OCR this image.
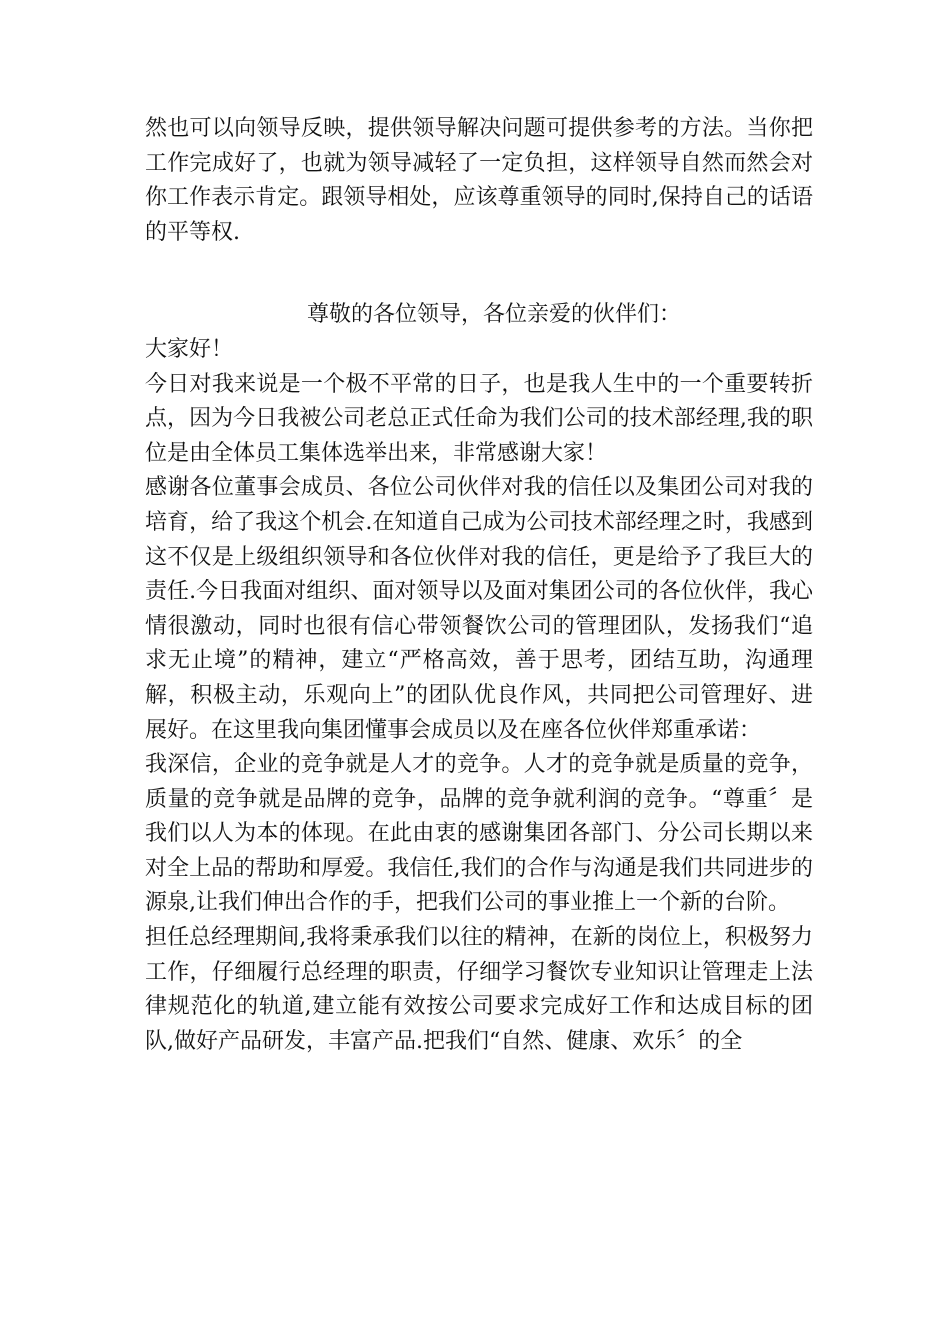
然也可以向领导反映，提供领导解决问题可提供参考的方法。当你把工作完成好了，也就为领导减轻了一定负担，这样领导自然而然会对你工作表示肯定。跟领导相处，应该尊重领导的同时,保持自己的话语的平等权.

尊敬的各位领导，各位亲爱的伙伴们：

大家好！

今日对我来说是一个极不平常的日子，也是我人生中的一个重要转折点，因为今日我被公司老总正式任命为我们公司的技术部经理,我的职位是由全体员工集体选举出来，非常感谢大家！

感谢各位董事会成员、各位公司伙伴对我的信任以及集团公司对我的培育，给了我这个机会.在知道自己成为公司技术部经理之时，我感到这不仅是上级组织领导和各位伙伴对我的信任，更是给予了我巨大的责任.今日我面对组织、面对领导以及面对集团公司的各位伙伴，我心情很激动，同时也很有信心带领餐饮公司的管理团队，发扬我们“追求无止境”的精神，建立“严格高效，善于思考，团结互助，沟通理解，积极主动，乐观向上”的团队优良作风，共同把公司管理好、进展好。在这里我向集团懂事会成员以及在座各位伙伴郑重承诺：

我深信，企业的竞争就是人才的竞争。人才的竞争就是质量的竞争，质量的竞争就是品牌的竞争，品牌的竞争就利润的竞争。“尊重〞是我们以人为本的体现。在此由衷的感谢集团各部门、分公司长期以来对全上品的帮助和厚爱。我信任,我们的合作与沟通是我们共同进步的源泉,让我们伸出合作的手，把我们公司的事业推上一个新的台阶。

担任总经理期间,我将秉承我们以往的精神，在新的岗位上，积极努力工作，仔细履行总经理的职责，仔细学习餐饮专业知识让管理走上法律规范化的轨道,建立能有效按公司要求完成好工作和达成目标的团队,做好产品研发，丰富产品.把我们“自然、健康、欢乐〞的全
